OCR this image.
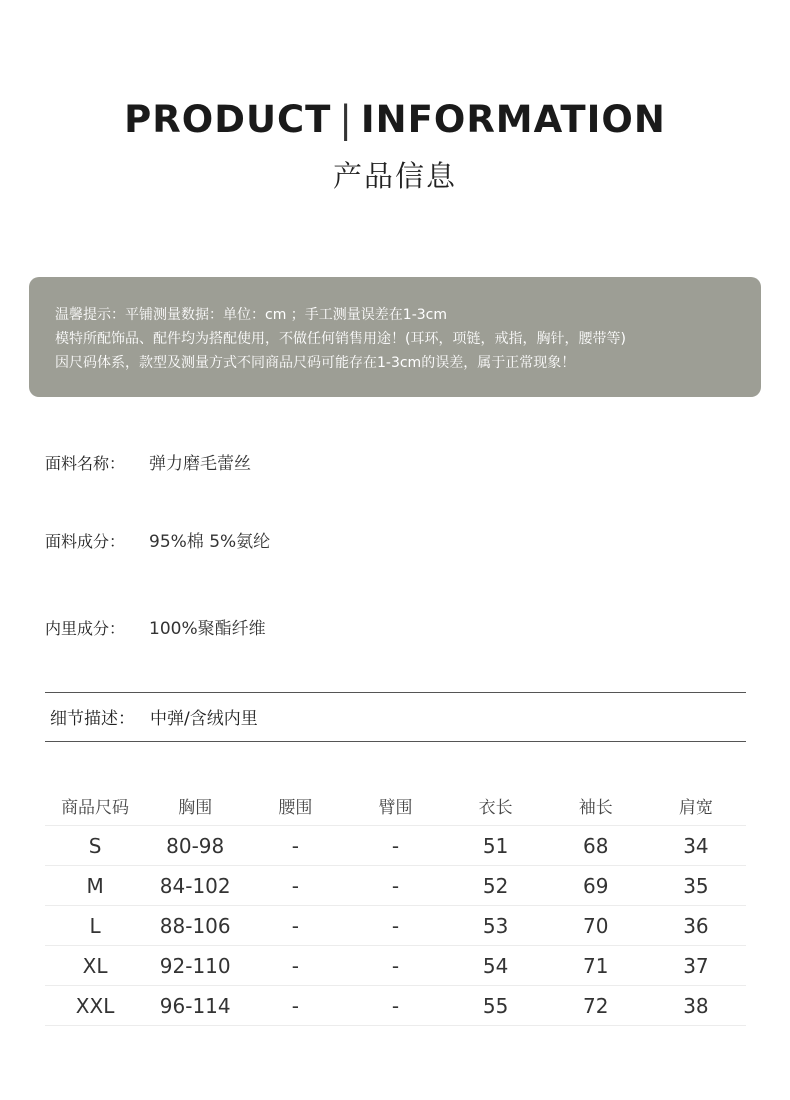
PRODUCT | INFORMATION
产品信息
温馨提示：平铺测量数据：单位：cm ；手工测量误差在1-3cm
模特所配饰品、配件均为搭配使用，不做任何销售用途！(耳环，项链，戒指，胸针，腰带等)
因尺码体系，款型及测量方式不同商品尺码可能存在1-3cm的误差，属于正常现象！
面料名称： 弹力磨毛蕾丝
面料成分： 95%棉 5%氨纶
内里成分： 100%聚酯纤维
细节描述： 中弹/含绒内里
商品尺码	胸围	腰围	臂围	衣长	袖长	肩宽
S	80-98	-	-	51	68	34
M	84-102	-	-	52	69	35
L	88-106	-	-	53	70	36
XL	92-110	-	-	54	71	37
XXL	96-114	-	-	55	72	38
